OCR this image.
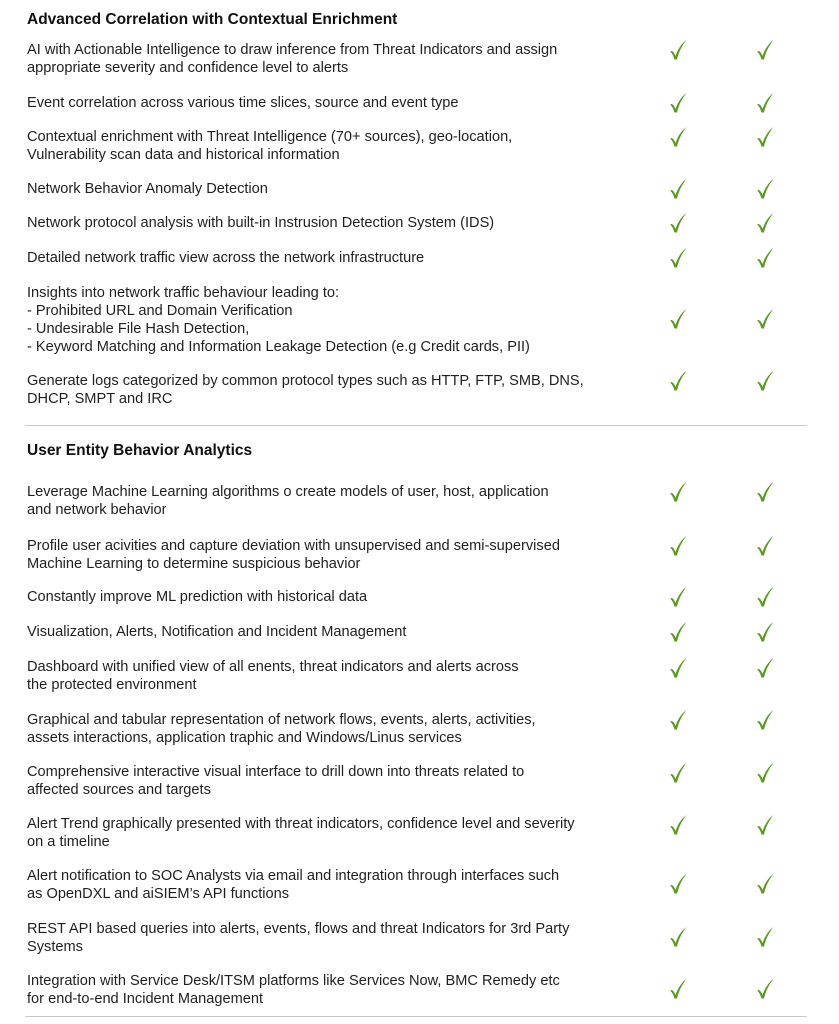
Advanced Correlation with Contextual Enrichment
AI with Actionable Intelligence to draw inference from Threat Indicators and assign
appropriate severity and confidence level to alerts
Event correlation across various time slices, source and event type
Contextual enrichment with Threat Intelligence (70+ sources), geo-location,
Vulnerability scan data and historical information
Network Behavior Anomaly Detection
Network protocol analysis with built-in Instrusion Detection System (IDS)
Detailed network traffic view across the network infrastructure
Insights into network traffic behaviour leading to:
- Prohibited URL and Domain Verification
- Undesirable File Hash Detection,
- Keyword Matching and Information Leakage Detection (e.g Credit cards, PII)
Generate logs categorized by common protocol types such as HTTP, FTP, SMB, DNS,
DHCP, SMPT and IRC
User Entity Behavior Analytics
Leverage Machine Learning algorithms o create models of user, host, application
and network behavior
Profile user acivities and capture deviation with unsupervised and semi-supervised
Machine Learning to determine suspicious behavior
Constantly improve ML prediction with historical data
Visualization, Alerts, Notification and Incident Management
Dashboard with unified view of all enents, threat indicators and alerts across
the protected environment
Graphical and tabular representation of network flows, events, alerts, activities,
assets interactions, application traphic and Windows/Linus services
Comprehensive interactive visual interface to drill down into threats related to
affected sources and targets
Alert Trend graphically presented with threat indicators, confidence level and severity
on a timeline
Alert notification to SOC Analysts via email and integration through interfaces such
as OpenDXL and aiSIEM’s API functions
REST API based queries into alerts, events, flows and threat Indicators for 3rd Party
Systems
Integration with Service Desk/ITSM platforms like Services Now, BMC Remedy etc
for end-to-end Incident Management
